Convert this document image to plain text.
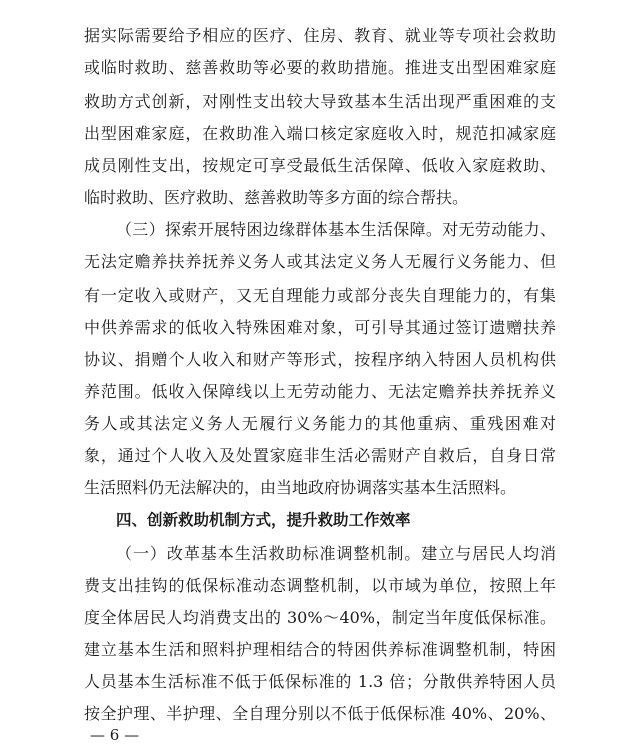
据实际需要给予相应的医疗、住房、教育、就业等专项社会救助
或临时救助、慈善救助等必要的救助措施。推进支出型困难家庭
救助方式创新，对刚性支出较大导致基本生活出现严重困难的支
出型困难家庭，在救助准入端口核定家庭收入时，规范扣减家庭
成员刚性支出，按规定可享受最低生活保障、低收入家庭救助、
临时救助、医疗救助、慈善救助等多方面的综合帮扶。
（三）探索开展特困边缘群体基本生活保障。对无劳动能力、
无法定赡养扶养抚养义务人或其法定义务人无履行义务能力、但
有一定收入或财产，又无自理能力或部分丧失自理能力的，有集
中供养需求的低收入特殊困难对象，可引导其通过签订遗赠扶养
协议、捐赠个人收入和财产等形式，按程序纳入特困人员机构供
养范围。低收入保障线以上无劳动能力、无法定赡养扶养抚养义
务人或其法定义务人无履行义务能力的其他重病、重残困难对
象，通过个人收入及处置家庭非生活必需财产自救后，自身日常
生活照料仍无法解决的，由当地政府协调落实基本生活照料。
四、创新救助机制方式，提升救助工作效率
（一）改革基本生活救助标准调整机制。建立与居民人均消
费支出挂钩的低保标准动态调整机制，以市域为单位，按照上年
度全体居民人均消费支出的 30%～40%，制定当年度低保标准。
建立基本生活和照料护理相结合的特困供养标准调整机制，特困
人员基本生活标准不低于低保标准的 1.3 倍；分散供养特困人员
按全护理、半护理、全自理分别以不低于低保标准 40%、20%、
— 6 —
